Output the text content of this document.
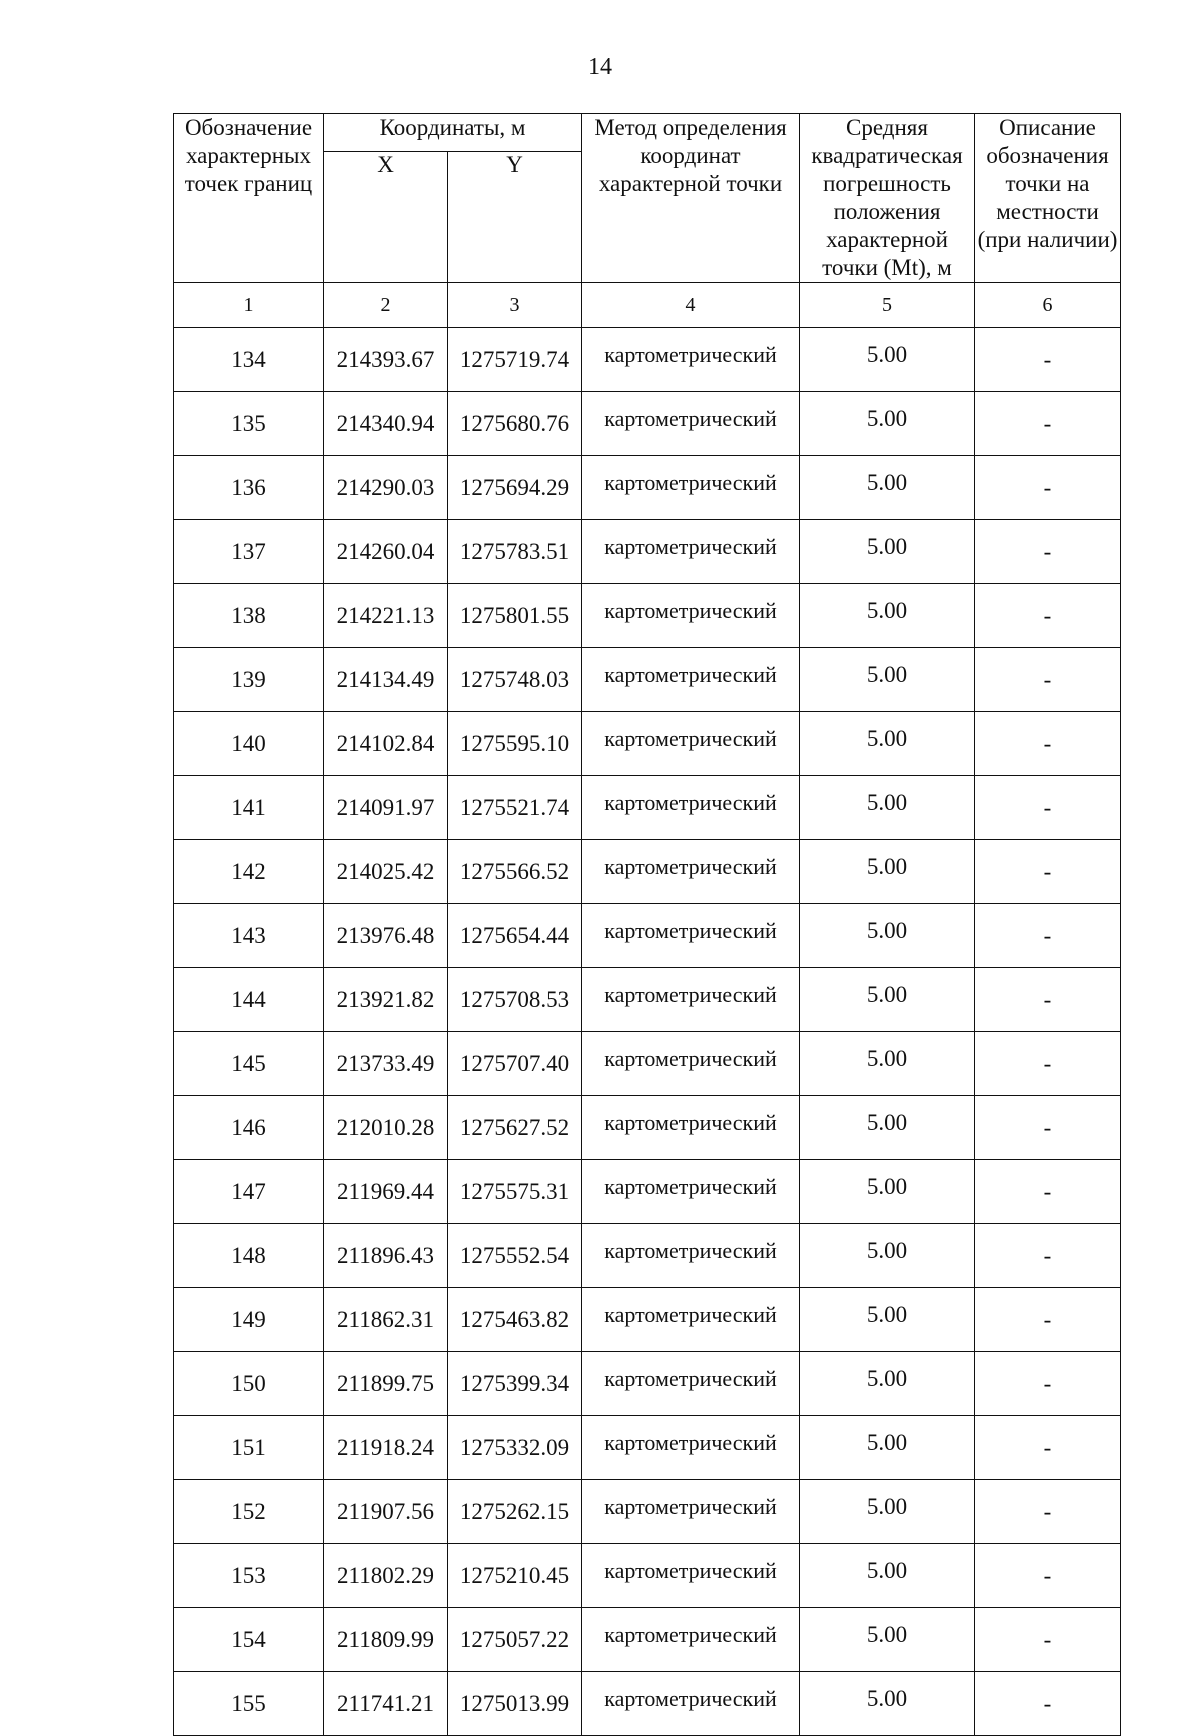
14
Обозначение характерных точек границ	Координаты, м		Метод определения координат характерной точки	Средняя квадратическая погрешность положения характерной точки (Mt), м	Описание обозначения точки на местности (при наличии)
	X	Y			
1	2	3	4	5	6
134	214393.67	1275719.74	картометрический	5.00	-
135	214340.94	1275680.76	картометрический	5.00	-
136	214290.03	1275694.29	картометрический	5.00	-
137	214260.04	1275783.51	картометрический	5.00	-
138	214221.13	1275801.55	картометрический	5.00	-
139	214134.49	1275748.03	картометрический	5.00	-
140	214102.84	1275595.10	картометрический	5.00	-
141	214091.97	1275521.74	картометрический	5.00	-
142	214025.42	1275566.52	картометрический	5.00	-
143	213976.48	1275654.44	картометрический	5.00	-
144	213921.82	1275708.53	картометрический	5.00	-
145	213733.49	1275707.40	картометрический	5.00	-
146	212010.28	1275627.52	картометрический	5.00	-
147	211969.44	1275575.31	картометрический	5.00	-
148	211896.43	1275552.54	картометрический	5.00	-
149	211862.31	1275463.82	картометрический	5.00	-
150	211899.75	1275399.34	картометрический	5.00	-
151	211918.24	1275332.09	картометрический	5.00	-
152	211907.56	1275262.15	картометрический	5.00	-
153	211802.29	1275210.45	картометрический	5.00	-
154	211809.99	1275057.22	картометрический	5.00	-
155	211741.21	1275013.99	картометрический	5.00	-
